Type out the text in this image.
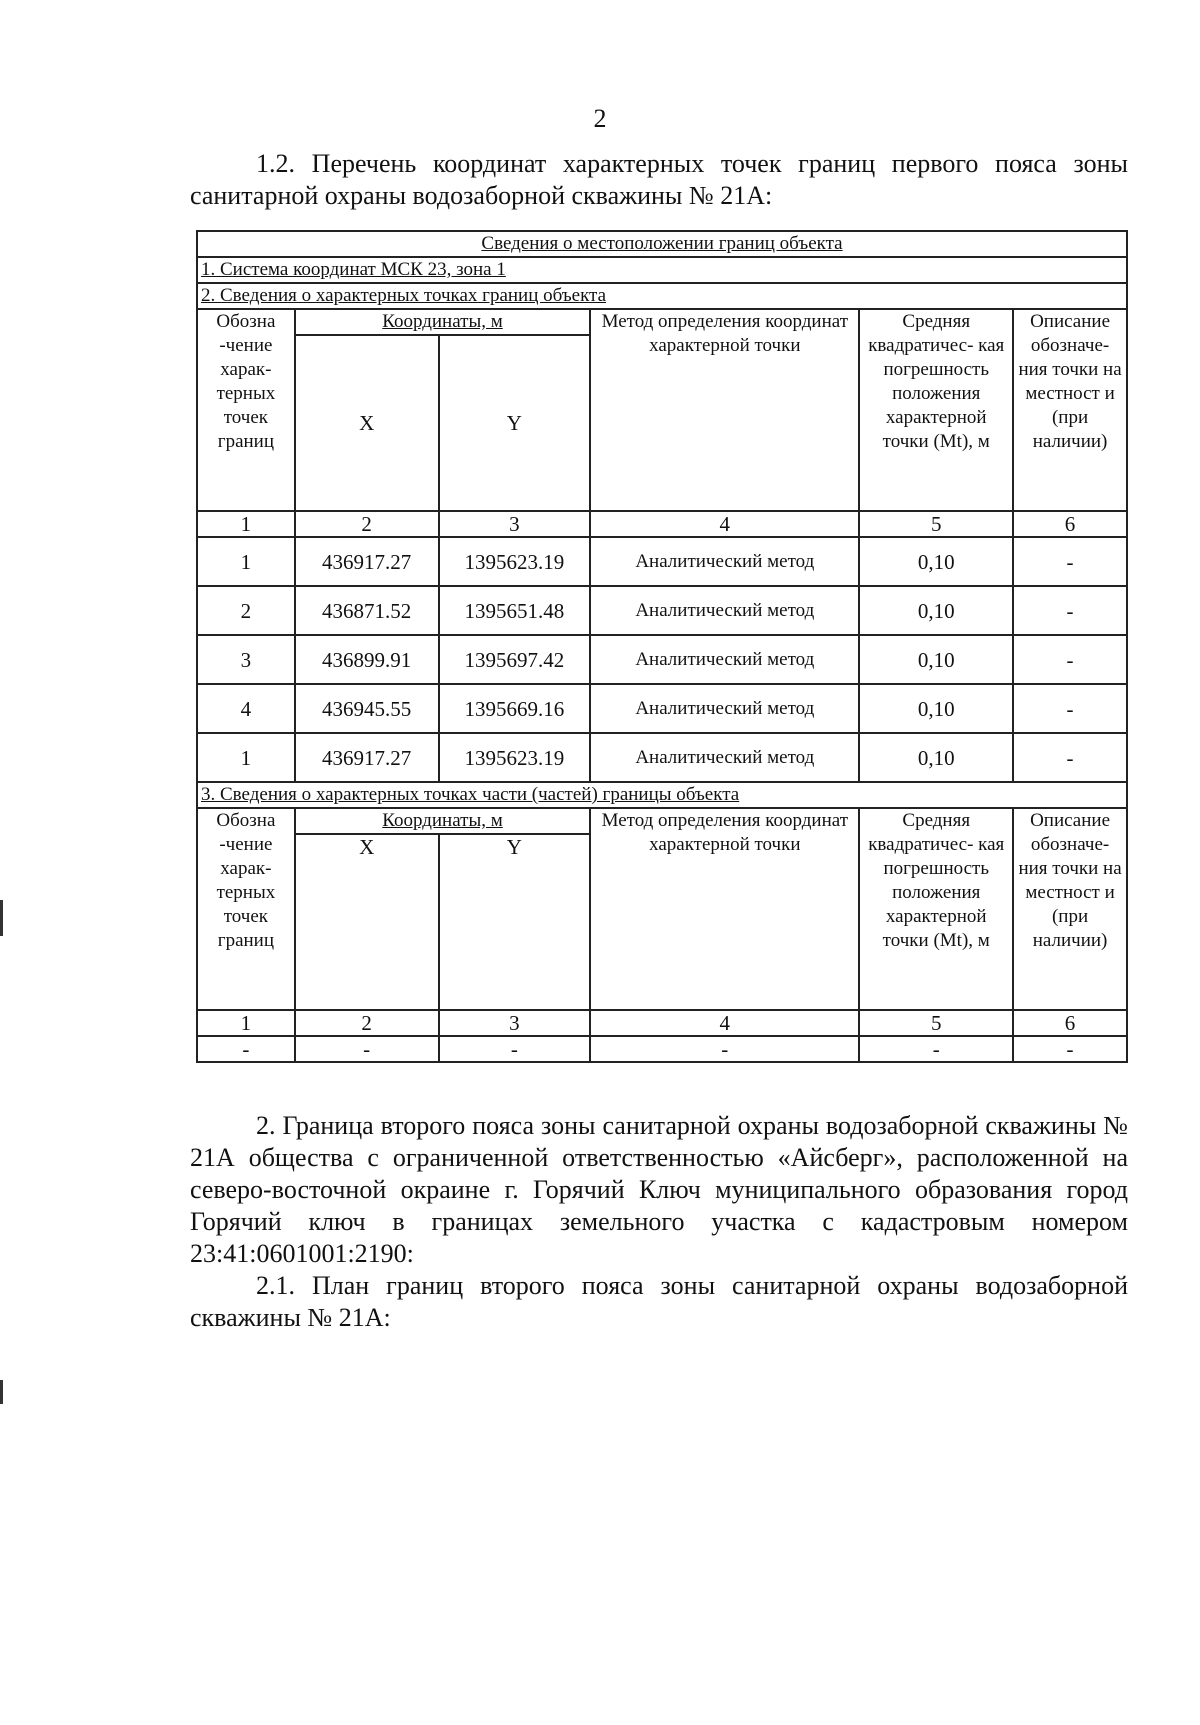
2
1.2. Перечень координат характерных точек границ первого пояса зоны санитарной охраны водозаборной скважины № 21А:
Сведения о местоположении границ объекта					
1. Система координат МСК 23, зона 1					
2. Сведения о характерных точках границ объекта					
Обозна -чение харак- терных точек границ	Координаты, м		Метод определения координат характерной точки	Средняя квадратичес- кая погрешность положения характерной точки (Mt), м	Описание обозначе- ния точки на местност и (при наличии)
	X	Y			
1	2	3	4	5	6
1	436917.27	1395623.19	Аналитический метод	0,10	-
2	436871.52	1395651.48	Аналитический метод	0,10	-
3	436899.91	1395697.42	Аналитический метод	0,10	-
4	436945.55	1395669.16	Аналитический метод	0,10	-
1	436917.27	1395623.19	Аналитический метод	0,10	-
3. Сведения о характерных точках части (частей) границы объекта					
Обозна -чение харак- терных точек границ	Координаты, м		Метод определения координат характерной точки	Средняя квадратичес- кая погрешность положения характерной точки (Mt), м	Описание обозначе- ния точки на местност и (при наличии)
	X	Y			
1	2	3	4	5	6
-	-	-	-	-	-
2. Граница второго пояса зоны санитарной охраны водозаборной скважины № 21А общества с ограниченной ответственностью «Айсберг», расположенной на северо-восточной окраине г. Горячий Ключ муниципального образования город Горячий ключ в границах земельного участка с кадастровым номером 23:41:0601001:2190:
2.1. План границ второго пояса зоны санитарной охраны водозаборной скважины № 21А:
